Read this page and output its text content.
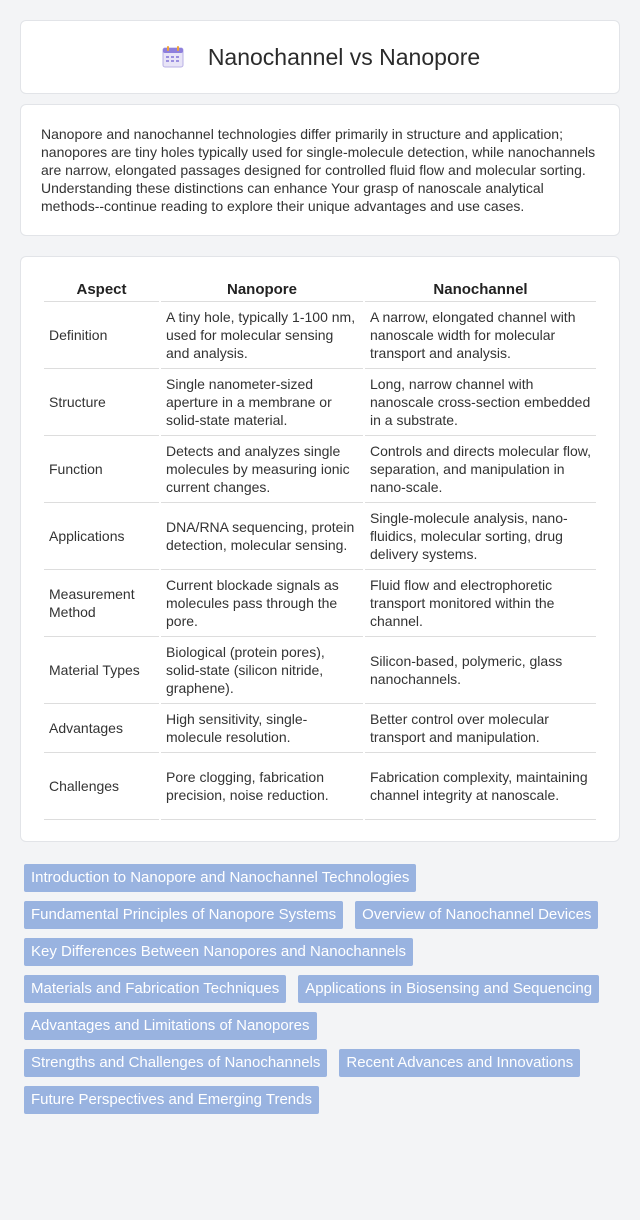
Nanochannel vs Nanopore

Nanopore and nanochannel technologies differ primarily in structure and application; nanopores are tiny holes typically used for single-molecule detection, while nanochannels are narrow, elongated passages designed for controlled fluid flow and molecular sorting. Understanding these distinctions can enhance Your grasp of nanoscale analytical methods--continue reading to explore their unique advantages and use cases.

Aspect	Nanopore	Nanochannel
Definition	A tiny hole, typically 1-100 nm, used for molecular sensing and analysis.	A narrow, elongated channel with nanoscale width for molecular transport and analysis.
Structure	Single nanometer-sized aperture in a membrane or solid-state material.	Long, narrow channel with nanoscale cross-section embedded in a substrate.
Function	Detects and analyzes single molecules by measuring ionic current changes.	Controls and directs molecular flow, separation, and manipulation in nano-scale.
Applications	DNA/RNA sequencing, protein detection, molecular sensing.	Single-molecule analysis, nano-fluidics, molecular sorting, drug delivery systems.
Measurement Method	Current blockade signals as molecules pass through the pore.	Fluid flow and electrophoretic transport monitored within the channel.
Material Types	Biological (protein pores), solid-state (silicon nitride, graphene).	Silicon-based, polymeric, glass nanochannels.
Advantages	High sensitivity, single-molecule resolution.	Better control over molecular transport and manipulation.
Challenges	Pore clogging, fabrication precision, noise reduction.	Fabrication complexity, maintaining channel integrity at nanoscale.
Introduction to Nanopore and Nanochannel Technologies
Fundamental Principles of Nanopore Systems	Overview of Nanochannel Devices
Key Differences Between Nanopores and Nanochannels
Materials and Fabrication Techniques	Applications in Biosensing and Sequencing
Advantages and Limitations of Nanopores
Strengths and Challenges of Nanochannels	Recent Advances and Innovations
Future Perspectives and Emerging Trends
